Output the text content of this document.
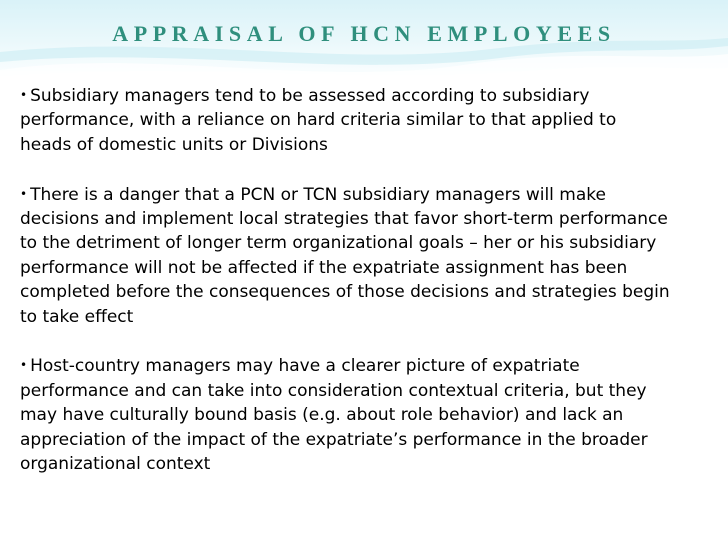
APPRAISAL OF HCN EMPLOYEES

• Subsidiary managers tend to be assessed according to subsidiary
performance, with a reliance on hard criteria similar to that applied to
heads of domestic units or Divisions

• There is a danger that a PCN or TCN subsidiary managers will make
decisions and implement local strategies that favor short-term performance
to the detriment of longer term organizational goals – her or his subsidiary
performance will not be affected if the expatriate assignment has been
completed before the consequences of those decisions and strategies begin
to take effect

• Host-country managers may have a clearer picture of expatriate
performance and can take into consideration contextual criteria, but they
may have culturally bound basis (e.g. about role behavior) and lack an
appreciation of the impact of the expatriate’s performance in the broader
organizational context
